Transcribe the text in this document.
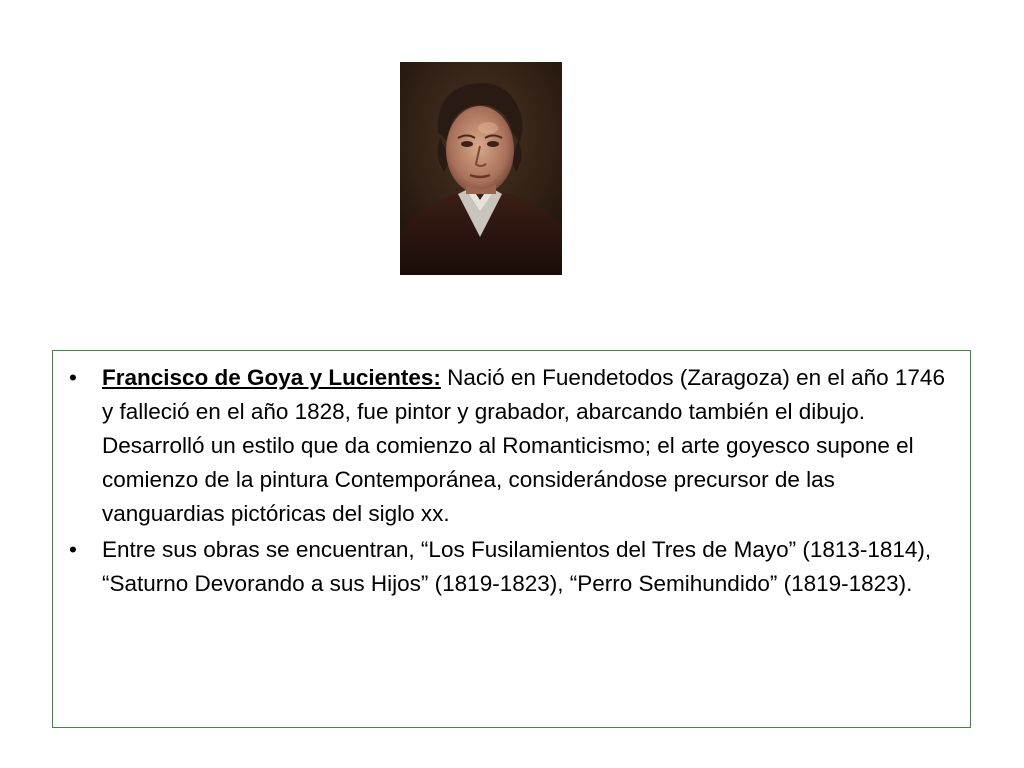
• Francisco de Goya y Lucientes: Nació en Fuendetodos (Zaragoza) en el año 1746 y falleció en el año 1828, fue pintor y grabador, abarcando también el dibujo. Desarrolló un estilo que da comienzo al Romanticismo; el arte goyesco supone el comienzo de la pintura Contemporánea, considerándose precursor de las vanguardias pictóricas del siglo xx.
• Entre sus obras se encuentran, “Los Fusilamientos del Tres de Mayo” (1813-1814), “Saturno Devorando a sus Hijos” (1819-1823), “Perro Semihundido” (1819-1823).
